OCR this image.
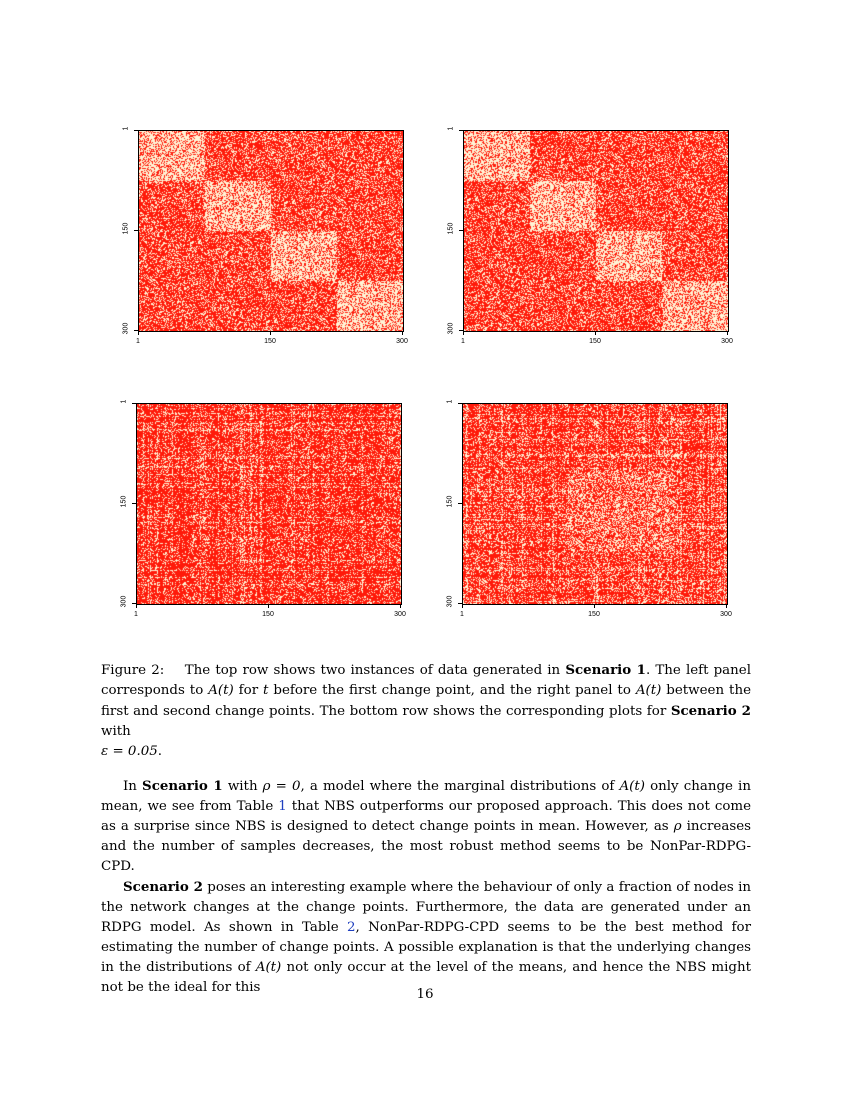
1	150	300
1
150
300
1	150	300
1
150
300
1	150	300
1
150
300
1	150	300
1
150
300
Figure 2: The top row shows two instances of data generated in Scenario 1. The left panel corresponds to A(t) for t before the first change point, and the right panel to A(t) between the first and second change points. The bottom row shows the corresponding plots for Scenario 2 with
ε = 0.05.

In Scenario 1 with ρ = 0, a model where the marginal distributions of A(t) only change in mean, we see from Table 1 that NBS outperforms our proposed approach. This does not come as a surprise since NBS is designed to detect change points in mean. However, as ρ increases and the number of samples decreases, the most robust method seems to be NonPar-RDPG-CPD.

Scenario 2 poses an interesting example where the behaviour of only a fraction of nodes in the network changes at the change points. Furthermore, the data are generated under an RDPG model. As shown in Table 2, NonPar-RDPG-CPD seems to be the best method for estimating the number of change points. A possible explanation is that the underlying changes in the distributions of A(t) not only occur at the level of the means, and hence the NBS might not be the ideal for this	16
